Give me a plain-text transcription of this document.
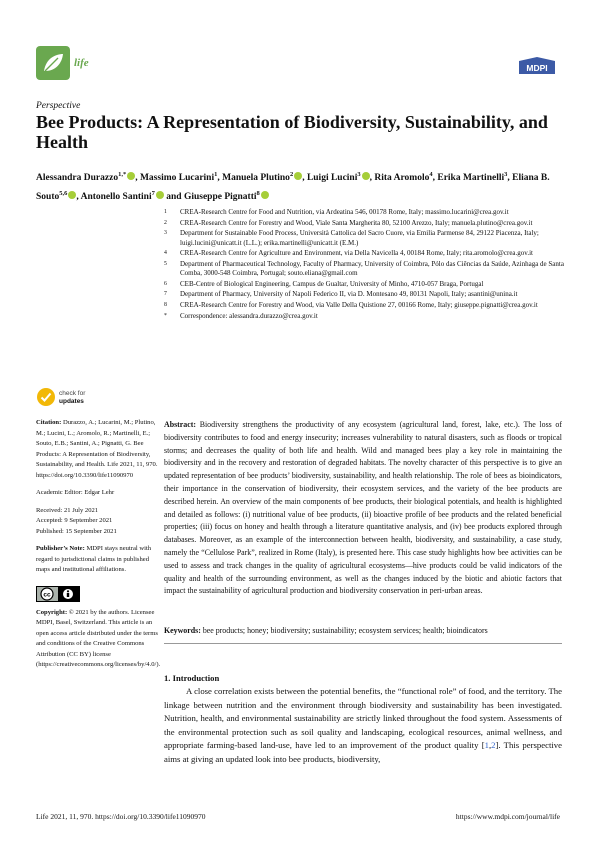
life	MDPI
Perspective
Bee Products: A Representation of Biodiversity, Sustainability, and Health
Alessandra Durazzo$^{1,*}$ , Massimo Lucarini$^1$, Manuela Plutino$^2$ , Luigi Lucini$^3$ , Rita Aromolo$^4$, Erika Martinelli$^3$, Eliana B. Souto$^{5,6}$ , Antonello Santini$^7$ and Giuseppe Pignatti$^8$
1	CREA-Research Centre for Food and Nutrition, via Ardeatina 546, 00178 Rome, Italy; massimo.lucarini@crea.gov.it
2	CREA-Research Centre for Forestry and Wood, Viale Santa Margherita 80, 52100 Arezzo, Italy; manuela.plutino@crea.gov.it
3	Department for Sustainable Food Process, Università Cattolica del Sacro Cuore, via Emilia Parmense 84, 29122 Piacenza, Italy; luigi.lucini@unicatt.it (L.L.); erika.martinelli@unicatt.it (E.M.)
4	CREA-Research Centre for Agriculture and Environment, via Della Navicella 4, 00184 Rome, Italy; rita.aromolo@crea.gov.it
5	Department of Pharmaceutical Technology, Faculty of Pharmacy, University of Coimbra, Pólo das Ciências da Saúde, Azinhaga de Santa Comba, 3000-548 Coimbra, Portugal; souto.eliana@gmail.com
6	CEB-Centre of Biological Engineering, Campus de Gualtar, University of Minho, 4710-057 Braga, Portugal
7	Department of Pharmacy, University of Napoli Federico II, via D. Montesano 49, 80131 Napoli, Italy; asantini@unina.it
8	CREA-Research Centre for Forestry and Wood, via Valle Della Quistione 27, 00166 Rome, Italy; giuseppe.pignatti@crea.gov.it
*	Correspondence: alessandra.durazzo@crea.gov.it
check for
updates

Citation: Durazzo, A.; Lucarini, M.; Plutino, M.; Lucini, L.; Aromolo, R.; Martinelli, E.; Souto, E.B.; Santini, A.; Pignatti, G. Bee Products: A Representation of Biodiversity, Sustainability, and Health. Life 2021, 11, 970. https://doi.org/10.3390/life11090970

Academic Editor: Edgar Lehr

Received: 21 July 2021

Accepted: 9 September 2021

Published: 15 September 2021

Publisher’s Note: MDPI stays neutral with regard to jurisdictional claims in published maps and institutional affiliations.

cc

Copyright: © 2021 by the authors. Licensee MDPI, Basel, Switzerland. This article is an open access article distributed under the terms and conditions of the Creative Commons Attribution (CC BY) license (https://creativecommons.org/licenses/by/4.0/).

Abstract: Biodiversity strengthens the productivity of any ecosystem (agricultural land, forest, lake, etc.). The loss of biodiversity contributes to food and energy insecurity; increases vulnerability to natural disasters, such as floods or tropical storms; and decreases the quality of both life and health. Wild and managed bees play a key role in maintaining the biodiversity and in the recovery and restoration of degraded habitats. The novelty character of this perspective is to give an updated representation of bee products’ biodiversity, sustainability, and health relationship. The role of bees as bioindicators, their importance in the conservation of biodiversity, their ecosystem services, and the variety of the bee products are described herein. An overview of the main components of bee products, their biological potentials, and health is highlighted and detailed as follows: (i) nutritional value of bee products, (ii) bioactive profile of bee products and the related beneficial properties; (iii) focus on honey and health through a literature quantitative analysis, and (iv) bee products explored through databases. Moreover, as an example of the interconnection between health, biodiversity, and sustainability, a case study, namely the “Cellulose Park”, realized in Rome (Italy), is presented here. This case study highlights how bee activities can be used to assess and track changes in the quality of agricultural ecosystems—hive products could be valid indicators of the quality and health of the surrounding environment, as well as the changes induced by the biotic and abiotic factors that impact the sustainability of agricultural production and biodiversity conservation in peri-urban areas.

Keywords: bee products; honey; biodiversity; sustainability; ecosystem services; health; bioindicators

1. Introduction

A close correlation exists between the potential benefits, the “functional role” of food, and the territory. The linkage between nutrition and the environment through biodiversity and sustainability has been investigated. Nutrition, health, and environmental sustainability are strictly linked throughout the food system. Assessments of the environmental protection such as soil quality and landscaping, ecological resources, animal wellness, and appropriate farming-based land-use, have led to an improvement of the product quality [1,2]. This perspective aims at giving an updated look into bee products, biodiversity,

Life 2021, 11, 970. https://doi.org/10.3390/life11090970	https://www.mdpi.com/journal/life
